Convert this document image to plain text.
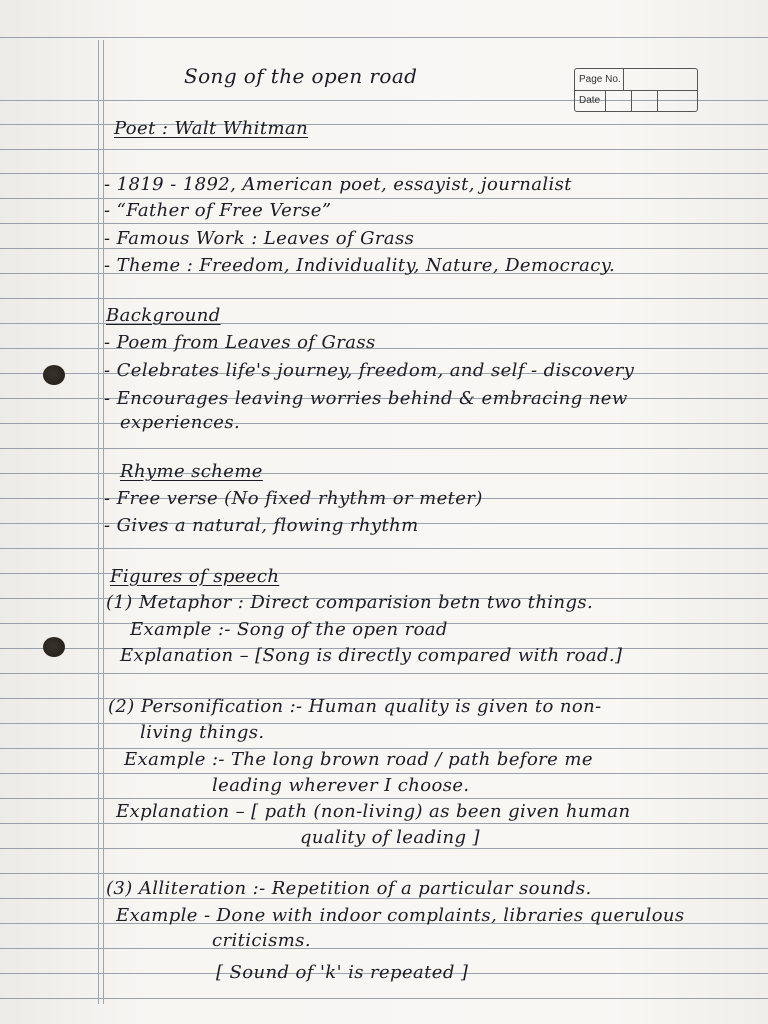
Page No.
Date
Song of the open road
Poet : Walt Whitman
- 1819 - 1892, American poet, essayist, journalist
- “Father of Free Verse”
- Famous Work : Leaves of Grass
- Theme : Freedom, Individuality, Nature, Democracy.
Background
- Poem from Leaves of Grass
- Celebrates life's journey, freedom, and self - discovery
- Encourages leaving worries behind & embracing new
experiences.
Rhyme scheme
- Free verse (No fixed rhythm or meter)
- Gives a natural, flowing rhythm
Figures of speech
(1) Metaphor : Direct comparision betn two things.
Example :- Song of the open road
Explanation – [Song is directly compared with road.]
(2) Personification :- Human quality is given to non-
living things.
Example :- The long brown road / path before me
leading wherever I choose.
Explanation – [ path (non-living) as been given human
quality of leading ]
(3) Alliteration :- Repetition of a particular sounds.
Example - Done with indoor complaints, libraries querulous
criticisms.
[ Sound of 'k' is repeated ]
